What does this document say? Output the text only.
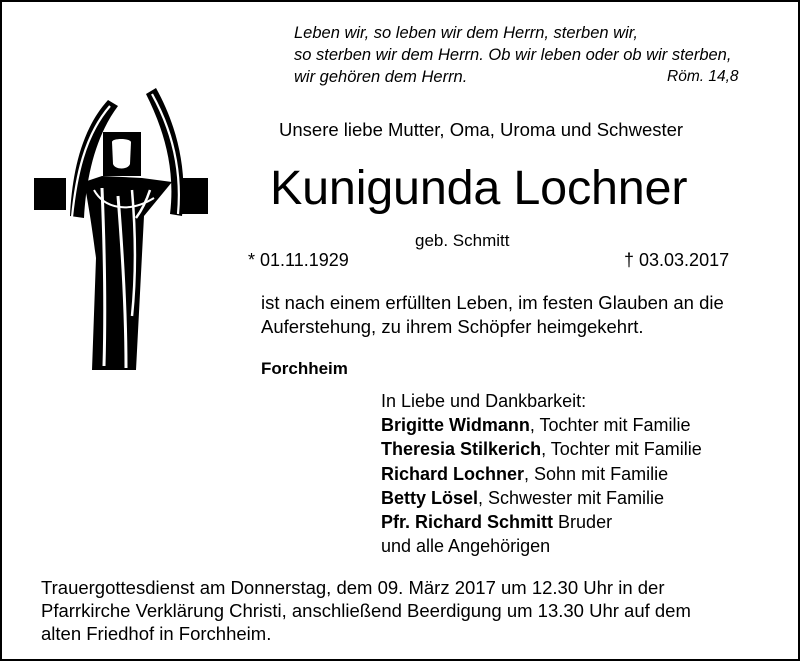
Leben wir, so leben wir dem Herrn, sterben wir,
so sterben wir dem Herrn. Ob wir leben oder ob wir sterben,
wir gehören dem Herrn.	Röm. 14,8
Unsere liebe Mutter, Oma, Uroma und Schwester
Kunigunda Lochner
geb. Schmitt
* 01.11.1929	† 03.03.2017
ist nach einem erfüllten Leben, im festen Glauben an die
Auferstehung, zu ihrem Schöpfer heimgekehrt.
Forchheim
In Liebe und Dankbarkeit:
Brigitte Widmann, Tochter mit Familie
Theresia Stilkerich, Tochter mit Familie
Richard Lochner, Sohn mit Familie
Betty Lösel, Schwester mit Familie
Pfr. Richard Schmitt Bruder
und alle Angehörigen
Trauergottesdienst am Donnerstag, dem 09. März 2017 um 12.30 Uhr in der
Pfarrkirche Verklärung Christi, anschließend Beerdigung um 13.30 Uhr auf dem
alten Friedhof in Forchheim.
